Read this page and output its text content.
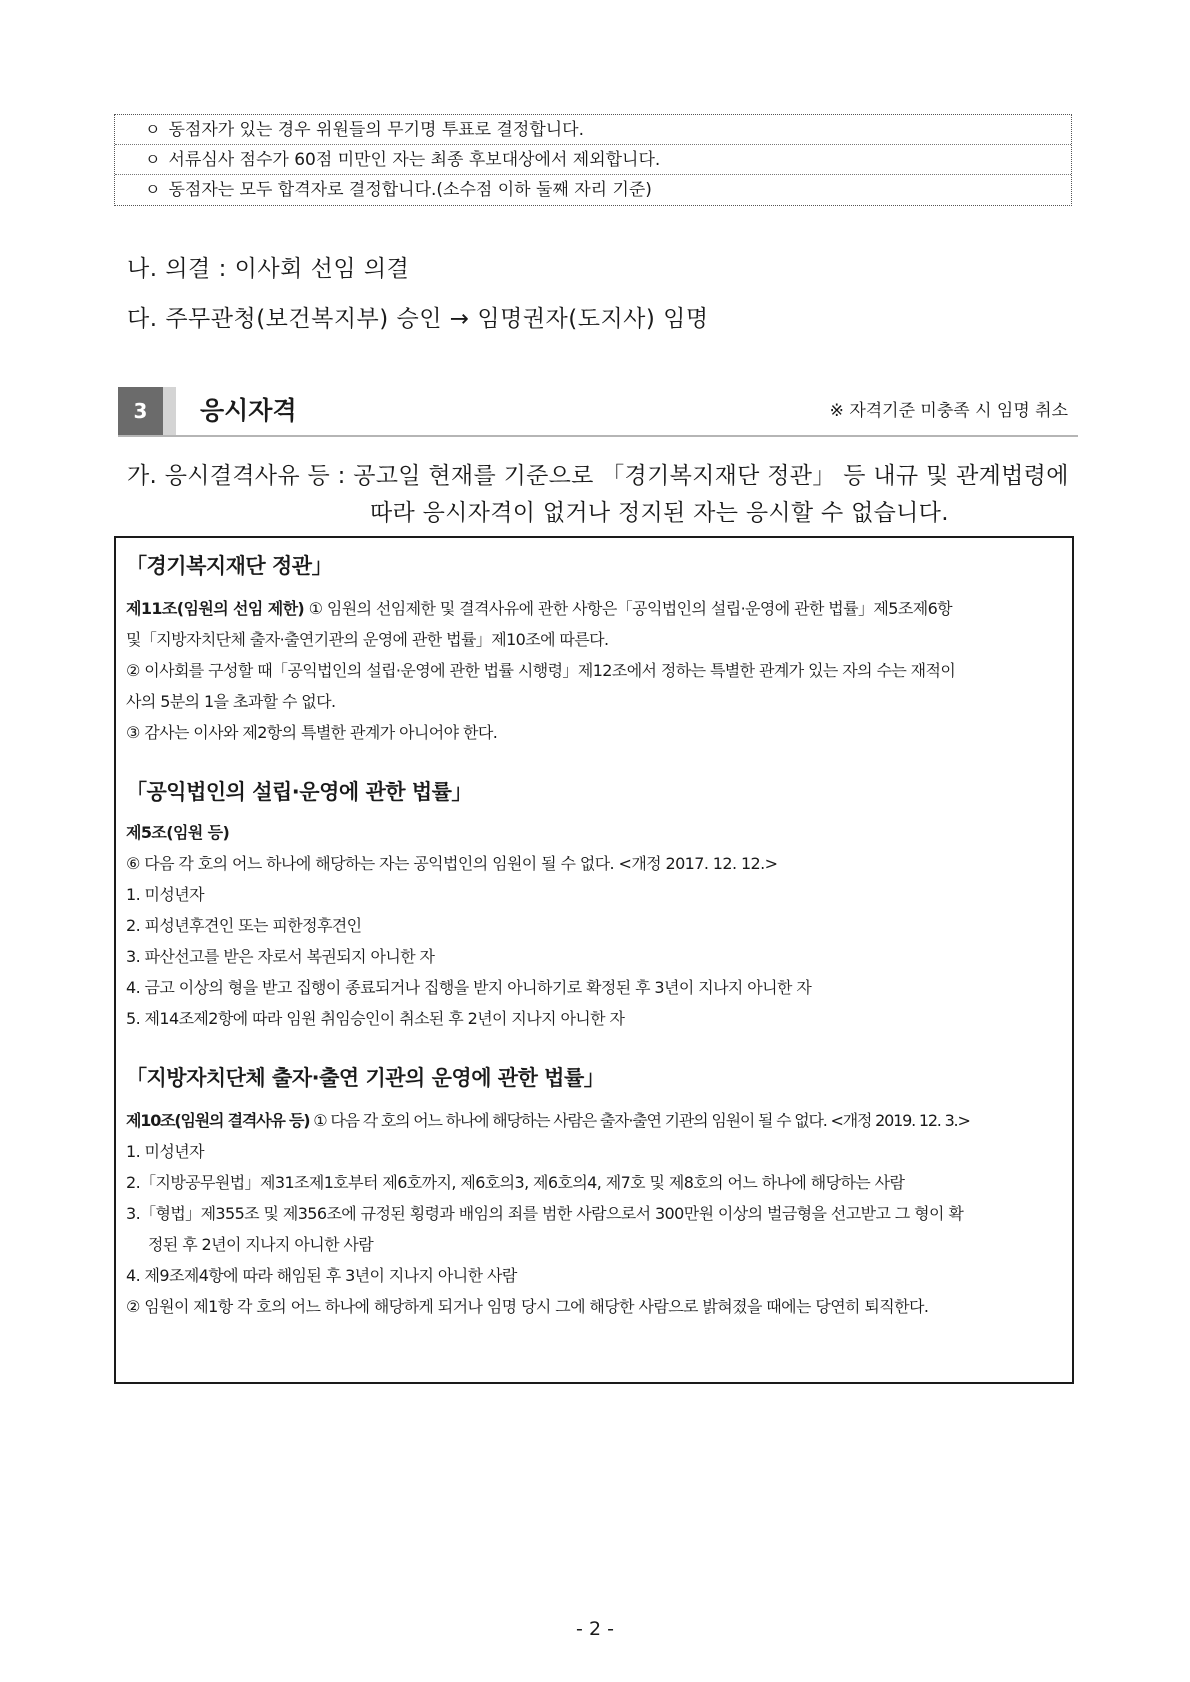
ㅇ 동점자가 있는 경우 위원들의 무기명 투표로 결정합니다.
ㅇ 서류심사 점수가 60점 미만인 자는 최종 후보대상에서 제외합니다.
ㅇ 동점자는 모두 합격자로 결정합니다.(소수점 이하 둘째 자리 기준)
나. 의결 : 이사회 선임 의결
다. 주무관청(보건복지부) 승인 → 임명권자(도지사) 임명
3	응시자격	※ 자격기준 미충족 시 임명 취소
가. 응시결격사유 등 : 공고일 현재를 기준으로 「경기복지재단 정관」 등 내규 및 관계법령에
따라 응시자격이 없거나 정지된 자는 응시할 수 없습니다.
「경기복지재단 정관」
제11조(임원의 선임 제한) ① 임원의 선임제한 및 결격사유에 관한 사항은「공익법인의 설립·운영에 관한 법률」제5조제6항
및「지방자치단체 출자·출연기관의 운영에 관한 법률」제10조에 따른다.
② 이사회를 구성할 때「공익법인의 설립·운영에 관한 법률 시행령」제12조에서 정하는 특별한 관계가 있는 자의 수는 재적이
사의 5분의 1을 초과할 수 없다.
③ 감사는 이사와 제2항의 특별한 관계가 아니어야 한다.
「공익법인의 설립·운영에 관한 법률」
제5조(임원 등)
⑥ 다음 각 호의 어느 하나에 해당하는 자는 공익법인의 임원이 될 수 없다. <개정 2017. 12. 12.>
1. 미성년자
2. 피성년후견인 또는 피한정후견인
3. 파산선고를 받은 자로서 복권되지 아니한 자
4. 금고 이상의 형을 받고 집행이 종료되거나 집행을 받지 아니하기로 확정된 후 3년이 지나지 아니한 자
5. 제14조제2항에 따라 임원 취임승인이 취소된 후 2년이 지나지 아니한 자
「지방자치단체 출자·출연 기관의 운영에 관한 법률」
제10조(임원의 결격사유 등) ① 다음 각 호의 어느 하나에 해당하는 사람은 출자·출연 기관의 임원이 될 수 없다. <개정 2019. 12. 3.>
1. 미성년자
2.「지방공무원법」제31조제1호부터 제6호까지, 제6호의3, 제6호의4, 제7호 및 제8호의 어느 하나에 해당하는 사람
3.「형법」제355조 및 제356조에 규정된 횡령과 배임의 죄를 범한 사람으로서 300만원 이상의 벌금형을 선고받고 그 형이 확
정된 후 2년이 지나지 아니한 사람
4. 제9조제4항에 따라 해임된 후 3년이 지나지 아니한 사람
② 임원이 제1항 각 호의 어느 하나에 해당하게 되거나 임명 당시 그에 해당한 사람으로 밝혀졌을 때에는 당연히 퇴직한다.
- 2 -
